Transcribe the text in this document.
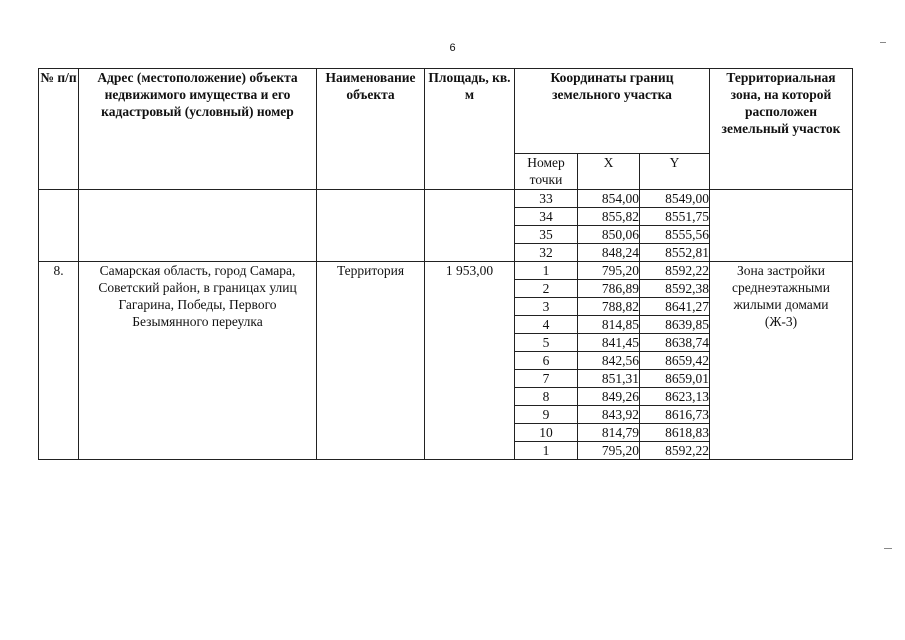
6
№ п/п	Адрес (местоположение) объекта недвижимого имущества и его кадастровый (условный) номер	Наименование объекта	Площадь, кв. м	Координаты границ земельного участка			Территориальная зона, на которой расположен земельный участок
				Номер точки	X	Y	
				33	854,00	8549,00	
				34	855,82	8551,75	
				35	850,06	8555,56	
				32	848,24	8552,81	
8.	Самарская область, город Самара, Советский район, в границах улиц Гагарина, Победы, Первого Безымянного переулка	Территория	1 953,00	1	795,20	8592,22	Зона застройки среднеэтажными жилыми домами (Ж-3)
				2	786,89	8592,38	
				3	788,82	8641,27	
				4	814,85	8639,85	
				5	841,45	8638,74	
				6	842,56	8659,42	
				7	851,31	8659,01	
				8	849,26	8623,13	
				9	843,92	8616,73	
				10	814,79	8618,83	
				1	795,20	8592,22	
